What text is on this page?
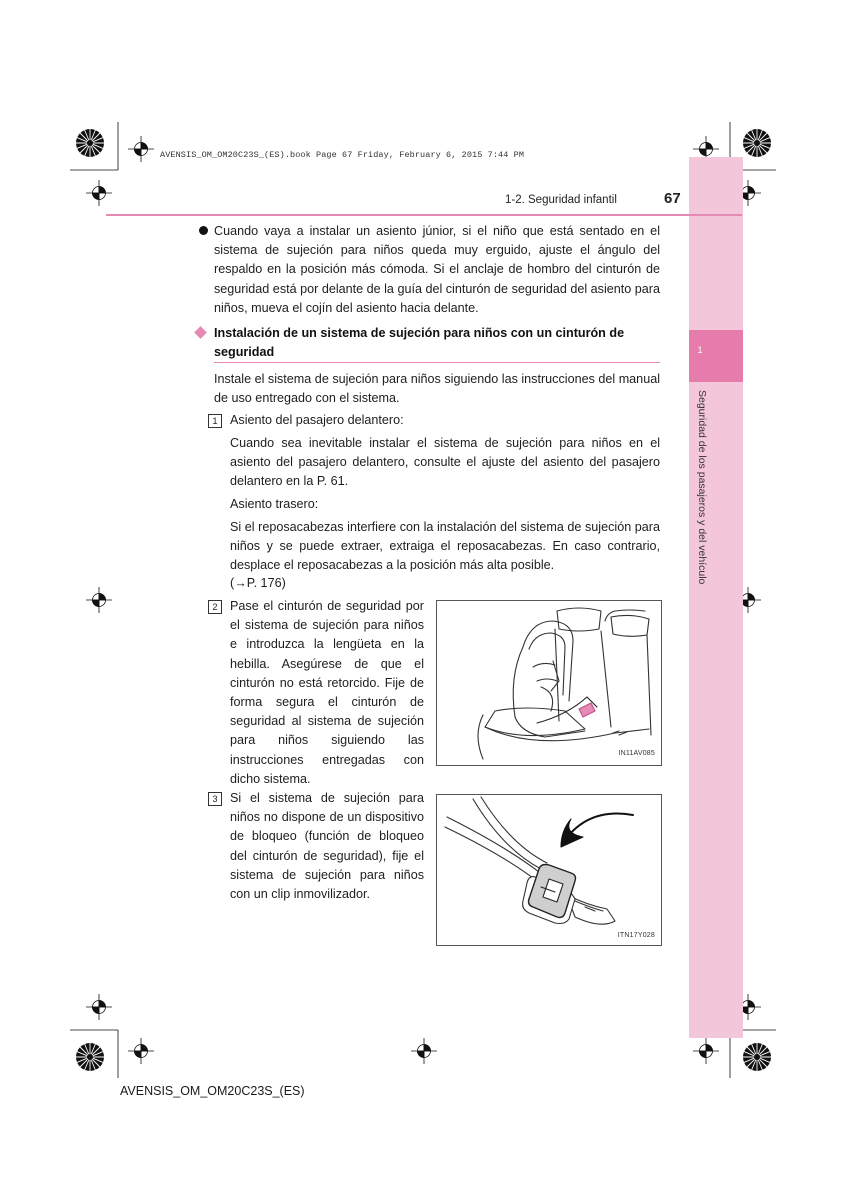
1
Seguridad de los pasajeros y del vehículo
AVENSIS_OM_OM20C23S_(ES).book Page 67 Friday, February 6, 2015 7:44 PM
1-2. Seguridad infantil	67
Cuando vaya a instalar un asiento júnior, si el niño que está sentado en el sistema de sujeción para niños queda muy erguido, ajuste el ángulo del respaldo en la posición más cómoda. Si el anclaje de hombro del cinturón de seguridad está por delante de la guía del cinturón de seguridad del asiento para niños, mueva el cojín del asiento hacia delante.
Instalación de un sistema de sujeción para niños con un cinturón de seguridad
Instale el sistema de sujeción para niños siguiendo las instrucciones del manual de uso entregado con el sistema.
1 Asiento del pasajero delantero:
Cuando sea inevitable instalar el sistema de sujeción para niños en el asiento del pasajero delantero, consulte el ajuste del asiento del pasajero delantero en la P. 61.
Asiento trasero:
Si el reposacabezas interfiere con la instalación del sistema de sujeción para niños y se puede extraer, extraiga el reposacabezas. En caso contrario, desplace el reposacabezas a la posición más alta posible.
(→P. 176)
2 Pase el cinturón de seguridad por el sistema de sujeción para niños e introduzca la lengüeta en la hebilla. Asegúrese de que el cinturón no está retorcido. Fije de forma segura el cinturón de seguridad al sistema de sujeción para niños siguiendo las instrucciones entregadas con dicho sistema.
IN11AV085
3 Si el sistema de sujeción para niños no dispone de un dispositivo de bloqueo (función de bloqueo del cinturón de seguridad), fije el sistema de sujeción para niños con un clip inmovilizador.
ITN17Y028
AVENSIS_OM_OM20C23S_(ES)
